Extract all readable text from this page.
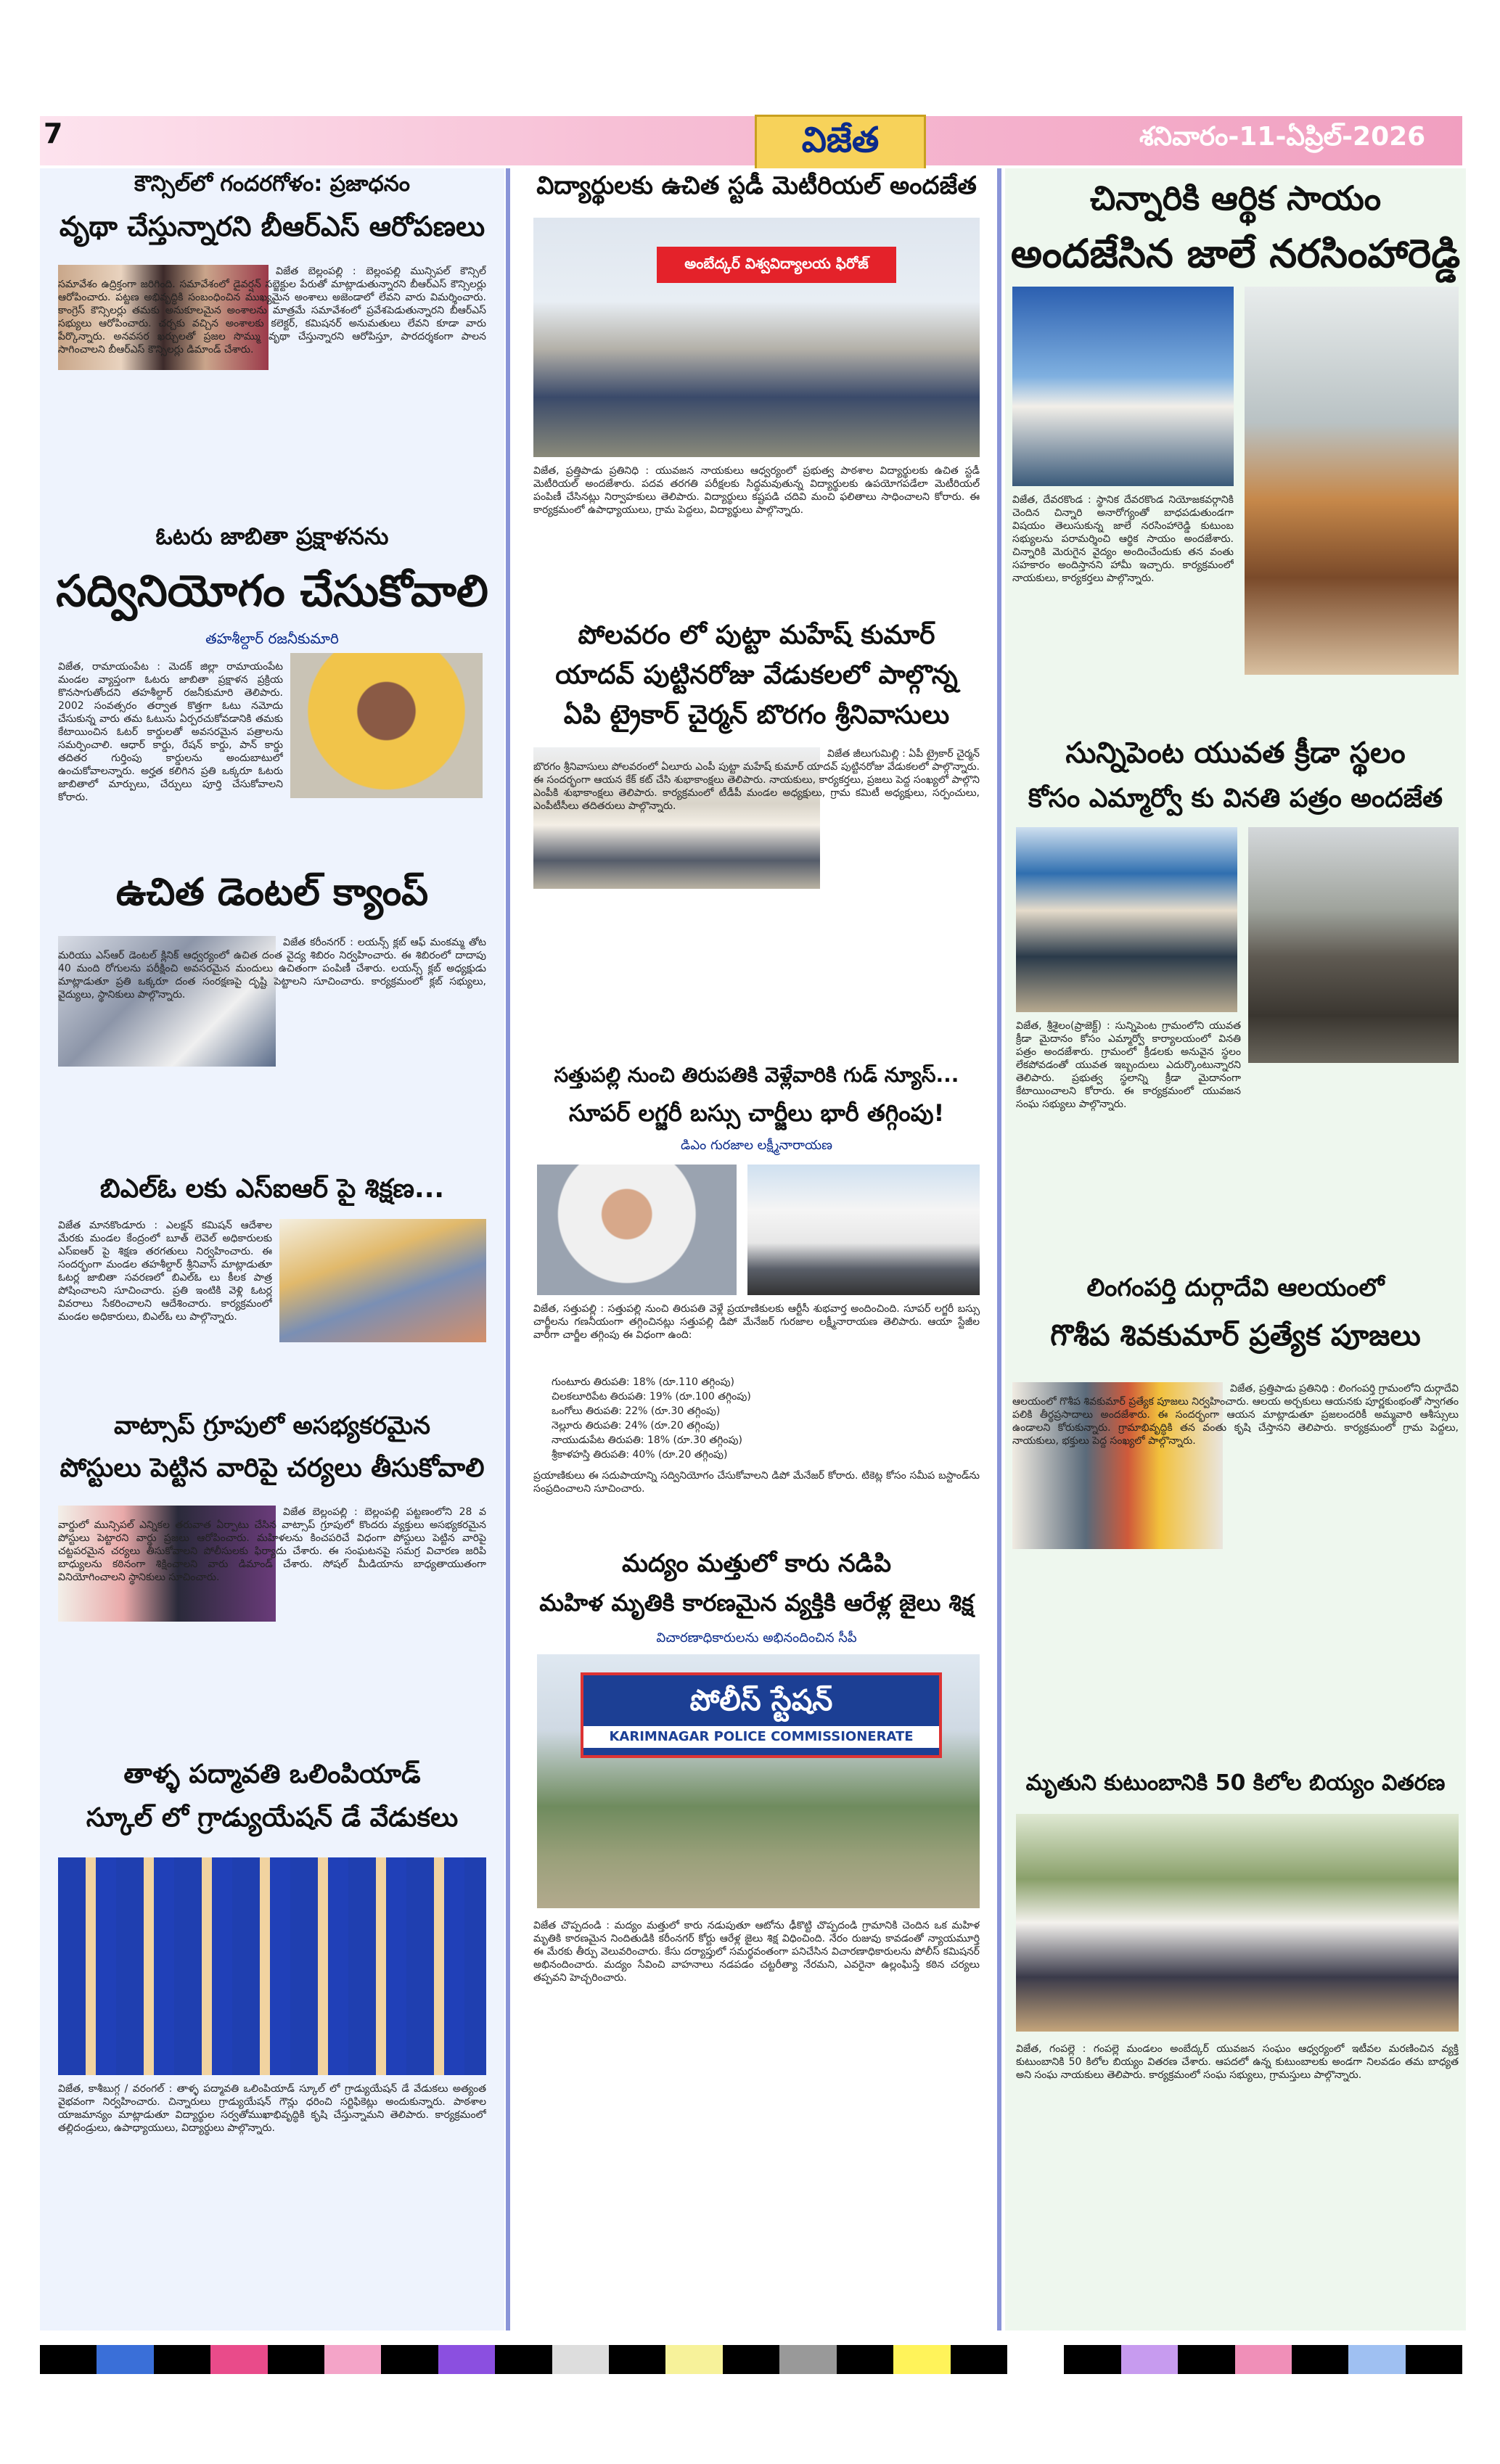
7	విజేత	శనివారం-11-ఏప్రిల్-2026
కౌన్సిల్‌లో గందరగోళం: ప్రజాధనం
వృథా చేస్తున్నారని బీఆర్ఎస్ ఆరోపణలు
విజేత బెల్లంపల్లి : బెల్లంపల్లి మున్సిపల్ కౌన్సిల్ సమావేశం ఉద్రిక్తంగా జరిగింది. సమావేశంలో డైవర్షన్ సబ్జెక్టుల పేరుతో మాట్లాడుతున్నారని బీఆర్ఎస్ కౌన్సిలర్లు ఆరోపించారు. పట్టణ అభివృద్ధికి సంబంధించిన ముఖ్యమైన అంశాలు అజెండాలో లేవని వారు విమర్శించారు. కాంగ్రెస్ కౌన్సిలర్లు తమకు అనుకూలమైన అంశాలను మాత్రమే సమావేశంలో ప్రవేశపెడుతున్నారని బీఆర్ఎస్ సభ్యులు ఆరోపించారు. చర్చకు వచ్చిన అంశాలకు కలెక్టర్, కమిషనర్ అనుమతులు లేవని కూడా వారు పేర్కొన్నారు. అనవసర ఖర్చులతో ప్రజల సొమ్ము వృథా చేస్తున్నారని ఆరోపిస్తూ, పారదర్శకంగా పాలన సాగించాలని బీఆర్ఎస్ కౌన్సిలర్లు డిమాండ్ చేశారు.
ఓటరు జాబితా ప్రక్షాళనను
సద్వినియోగం చేసుకోవాలి
తహశీల్దార్ రజనీకుమారి
విజేత, రామాయంపేట : మెదక్ జిల్లా రామాయంపేట మండల వ్యాప్తంగా ఓటరు జాబితా ప్రక్షాళన ప్రక్రియ కొనసాగుతోందని తహశీల్దార్ రజనీకుమారి తెలిపారు. 2002 సంవత్సరం తర్వాత కొత్తగా ఓటు నమోదు చేసుకున్న వారు తమ ఓటును ఏర్పరచుకోవడానికి తమకు కేటాయించిన ఓటర్ కార్డులతో అవసరమైన పత్రాలను సమర్పించాలి. ఆధార్ కార్డు, రేషన్ కార్డు, పాన్ కార్డు తదితర గుర్తింపు కార్డులను అందుబాటులో ఉంచుకోవాలన్నారు. అర్హత కలిగిన ప్రతి ఒక్కరూ ఓటరు జాబితాలో మార్పులు, చేర్పులు పూర్తి చేసుకోవాలని కోరారు.
ఉచిత డెంటల్ క్యాంప్
విజేత కరీంనగర్ : లయన్స్ క్లబ్ ఆఫ్ మంకమ్మ తోట మరియు ఎస్ఆర్ డెంటల్ క్లినిక్ ఆధ్వర్యంలో ఉచిత దంత వైద్య శిబిరం నిర్వహించారు. ఈ శిబిరంలో దాదాపు 40 మంది రోగులను పరీక్షించి అవసరమైన మందులు ఉచితంగా పంపిణీ చేశారు. లయన్స్ క్లబ్ అధ్యక్షుడు మాట్లాడుతూ ప్రతి ఒక్కరూ దంత సంరక్షణపై దృష్టి పెట్టాలని సూచించారు. కార్యక్రమంలో క్లబ్ సభ్యులు, వైద్యులు, స్థానికులు పాల్గొన్నారు.
బిఎల్ఓ లకు ఎస్ఐఆర్ పై శిక్షణ...
విజేత మానకొండూరు : ఎలక్షన్ కమిషన్ ఆదేశాల మేరకు మండల కేంద్రంలో బూత్ లెవెల్ అధికారులకు ఎస్ఐఆర్ పై శిక్షణ తరగతులు నిర్వహించారు. ఈ సందర్భంగా మండల తహశీల్దార్ శ్రీనివాస్ మాట్లాడుతూ ఓటర్ల జాబితా సవరణలో బిఎల్ఓ లు కీలక పాత్ర పోషించాలని సూచించారు. ప్రతి ఇంటికి వెళ్లి ఓటర్ల వివరాలు సేకరించాలని ఆదేశించారు. కార్యక్రమంలో మండల అధికారులు, బిఎల్ఓ లు పాల్గొన్నారు.
వాట్సాప్ గ్రూపులో అసభ్యకరమైన
పోస్టులు పెట్టిన వారిపై చర్యలు తీసుకోవాలి
విజేత బెల్లంపల్లి : బెల్లంపల్లి పట్టణంలోని 28 వ వార్డులో మున్సిపల్ ఎన్నికల తరువాత ఏర్పాటు చేసిన వాట్సాప్ గ్రూపులో కొందరు వ్యక్తులు అసభ్యకరమైన పోస్టులు పెట్టారని వార్డు ప్రజలు ఆరోపించారు. మహిళలను కించపరిచే విధంగా పోస్టులు పెట్టిన వారిపై చట్టపరమైన చర్యలు తీసుకోవాలని పోలీసులకు ఫిర్యాదు చేశారు. ఈ సంఘటనపై సమగ్ర విచారణ జరిపి బాధ్యులను కఠినంగా శిక్షించాలని వారు డిమాండ్ చేశారు. సోషల్ మీడియాను బాధ్యతాయుతంగా వినియోగించాలని స్థానికులు సూచించారు.
తాళ్ళ పద్మావతి ఒలింపియాడ్
స్కూల్ లో గ్రాడ్యుయేషన్ డే వేడుకలు
విజేత, కాశీబుగ్గ / వరంగల్ : తాళ్ళ పద్మావతి ఒలింపియాడ్ స్కూల్ లో గ్రాడ్యుయేషన్ డే వేడుకలు అత్యంత వైభవంగా నిర్వహించారు. చిన్నారులు గ్రాడ్యుయేషన్ గౌన్లు ధరించి సర్టిఫికెట్లు అందుకున్నారు. పాఠశాల యాజమాన్యం మాట్లాడుతూ విద్యార్థుల సర్వతోముఖాభివృద్ధికి కృషి చేస్తున్నామని తెలిపారు. కార్యక్రమంలో తల్లిదండ్రులు, ఉపాధ్యాయులు, విద్యార్థులు పాల్గొన్నారు.
విద్యార్థులకు ఉచిత స్టడీ మెటీరియల్ అందజేత
అంబేద్కర్ విశ్వవిద్యాలయ ఫిరోజ్
విజేత, ప్రత్తిపాడు ప్రతినిధి : యువజన నాయకులు ఆధ్వర్యంలో ప్రభుత్వ పాఠశాల విద్యార్థులకు ఉచిత స్టడీ మెటీరియల్ అందజేశారు. పదవ తరగతి పరీక్షలకు సిద్ధమవుతున్న విద్యార్థులకు ఉపయోగపడేలా మెటీరియల్ పంపిణీ చేసినట్లు నిర్వాహకులు తెలిపారు. విద్యార్థులు కష్టపడి చదివి మంచి ఫలితాలు సాధించాలని కోరారు. ఈ కార్యక్రమంలో ఉపాధ్యాయులు, గ్రామ పెద్దలు, విద్యార్థులు పాల్గొన్నారు.
పోలవరం లో పుట్టా మహేష్ కుమార్
యాదవ్ పుట్టినరోజు వేడుకలలో పాల్గొన్న
ఏపి ట్రైకార్ చైర్మన్ బొరగం శ్రీనివాసులు
విజేత జీలుగుమిల్లి : ఏపీ ట్రైకార్ చైర్మన్ బొరగం శ్రీనివాసులు పోలవరంలో ఏలూరు ఎంపీ పుట్టా మహేష్ కుమార్ యాదవ్ పుట్టినరోజు వేడుకలలో పాల్గొన్నారు. ఈ సందర్భంగా ఆయన కేక్ కట్ చేసి శుభాకాంక్షలు తెలిపారు. నాయకులు, కార్యకర్తలు, ప్రజలు పెద్ద సంఖ్యలో పాల్గొని ఎంపీకి శుభాకాంక్షలు తెలిపారు. కార్యక్రమంలో టీడీపీ మండల అధ్యక్షులు, గ్రామ కమిటీ అధ్యక్షులు, సర్పంచులు, ఎంపీటీసీలు తదితరులు పాల్గొన్నారు.
సత్తుపల్లి నుంచి తిరుపతికి వెళ్లేవారికి గుడ్ న్యూస్...
సూపర్ లగ్జరీ బస్సు చార్జీలు భారీ తగ్గింపు!
డిఎం గురజాల లక్ష్మీనారాయణ
విజేత, సత్తుపల్లి : సత్తుపల్లి నుంచి తిరుపతి వెళ్లే ప్రయాణికులకు ఆర్టీసీ శుభవార్త అందించింది. సూపర్ లగ్జరీ బస్సు చార్జీలను గణనీయంగా తగ్గించినట్లు సత్తుపల్లి డిపో మేనేజర్ గురజాల లక్ష్మీనారాయణ తెలిపారు. ఆయా స్టేజీల వారీగా చార్జీల తగ్గింపు ఈ విధంగా ఉంది:
గుంటూరు తిరుపతి: 18% (రూ.110 తగ్గింపు)
చిలకలూరిపేట తిరుపతి: 19% (రూ.100 తగ్గింపు)
ఒంగోలు తిరుపతి: 22% (రూ.30 తగ్గింపు)
నెల్లూరు తిరుపతి: 24% (రూ.20 తగ్గింపు)
నాయుడుపేట తిరుపతి: 18% (రూ.30 తగ్గింపు)
శ్రీకాళహస్తి తిరుపతి: 40% (రూ.20 తగ్గింపు)
ప్రయాణికులు ఈ సదుపాయాన్ని సద్వినియోగం చేసుకోవాలని డిపో మేనేజర్ కోరారు. టికెట్ల కోసం సమీప బస్టాండ్‌ను సంప్రదించాలని సూచించారు.
మద్యం మత్తులో కారు నడిపి
మహిళ మృతికి కారణమైన వ్యక్తికి ఆరేళ్ల జైలు శిక్ష
విచారణాధికారులను అభినందించిన సీపీ
పోలీస్ స్టేషన్
KARIMNAGAR POLICE COMMISSIONERATE
విజేత చొప్పదండి : మద్యం మత్తులో కారు నడుపుతూ ఆటోను ఢీకొట్టి చొప్పదండి గ్రామానికి చెందిన ఒక మహిళ మృతికి కారణమైన నిందితుడికి కరీంనగర్ కోర్టు ఆరేళ్ల జైలు శిక్ష విధించింది. నేరం రుజువు కావడంతో న్యాయమూర్తి ఈ మేరకు తీర్పు వెలువరించారు. కేసు దర్యాప్తులో సమర్థవంతంగా పనిచేసిన విచారణాధికారులను పోలీస్ కమిషనర్ అభినందించారు. మద్యం సేవించి వాహనాలు నడపడం చట్టరీత్యా నేరమని, ఎవరైనా ఉల్లంఘిస్తే కఠిన చర్యలు తప్పవని హెచ్చరించారు.
చిన్నారికి ఆర్థిక సాయం
అందజేసిన జాలే నరసింహారెడ్డి
విజేత, దేవరకొండ : స్థానిక దేవరకొండ నియోజకవర్గానికి చెందిన చిన్నారి అనారోగ్యంతో బాధపడుతుండగా విషయం తెలుసుకున్న జాలే నరసింహారెడ్డి కుటుంబ సభ్యులను పరామర్శించి ఆర్థిక సాయం అందజేశారు. చిన్నారికి మెరుగైన వైద్యం అందించేందుకు తన వంతు సహకారం అందిస్తానని హామీ ఇచ్చారు. కార్యక్రమంలో నాయకులు, కార్యకర్తలు పాల్గొన్నారు.
సున్నిపెంట యువత క్రీడా స్థలం
కోసం ఎమ్మార్వో కు వినతి పత్రం అందజేత
విజేత, శ్రీశైలం(ప్రాజెక్ట్) : సున్నిపెంట గ్రామంలోని యువత క్రీడా మైదానం కోసం ఎమ్మార్వో కార్యాలయంలో వినతి పత్రం అందజేశారు. గ్రామంలో క్రీడలకు అనువైన స్థలం లేకపోవడంతో యువత ఇబ్బందులు ఎదుర్కొంటున్నారని తెలిపారు. ప్రభుత్వ స్థలాన్ని క్రీడా మైదానంగా కేటాయించాలని కోరారు. ఈ కార్యక్రమంలో యువజన సంఘ సభ్యులు పాల్గొన్నారు.
లింగంపర్తి దుర్గాదేవి ఆలయంలో
గొశీప శివకుమార్ ప్రత్యేక పూజలు
విజేత, ప్రత్తిపాడు ప్రతినిధి : లింగంపర్తి గ్రామంలోని దుర్గాదేవి ఆలయంలో గొశీప శివకుమార్ ప్రత్యేక పూజలు నిర్వహించారు. ఆలయ అర్చకులు ఆయనకు పూర్ణకుంభంతో స్వాగతం పలికి తీర్థప్రసాదాలు అందజేశారు. ఈ సందర్భంగా ఆయన మాట్లాడుతూ ప్రజలందరికీ అమ్మవారి ఆశీస్సులు ఉండాలని కోరుకున్నారు. గ్రామాభివృద్ధికి తన వంతు కృషి చేస్తానని తెలిపారు. కార్యక్రమంలో గ్రామ పెద్దలు, నాయకులు, భక్తులు పెద్ద సంఖ్యలో పాల్గొన్నారు.
మృతుని కుటుంబానికి 50 కిలోల బియ్యం వితరణ
విజేత, గంపల్లె : గంపల్లె మండలం అంబేద్కర్ యువజన సంఘం ఆధ్వర్యంలో ఇటీవల మరణించిన వ్యక్తి కుటుంబానికి 50 కిలోల బియ్యం వితరణ చేశారు. ఆపదలో ఉన్న కుటుంబాలకు అండగా నిలవడం తమ బాధ్యత అని సంఘ నాయకులు తెలిపారు. కార్యక్రమంలో సంఘ సభ్యులు, గ్రామస్తులు పాల్గొన్నారు.
